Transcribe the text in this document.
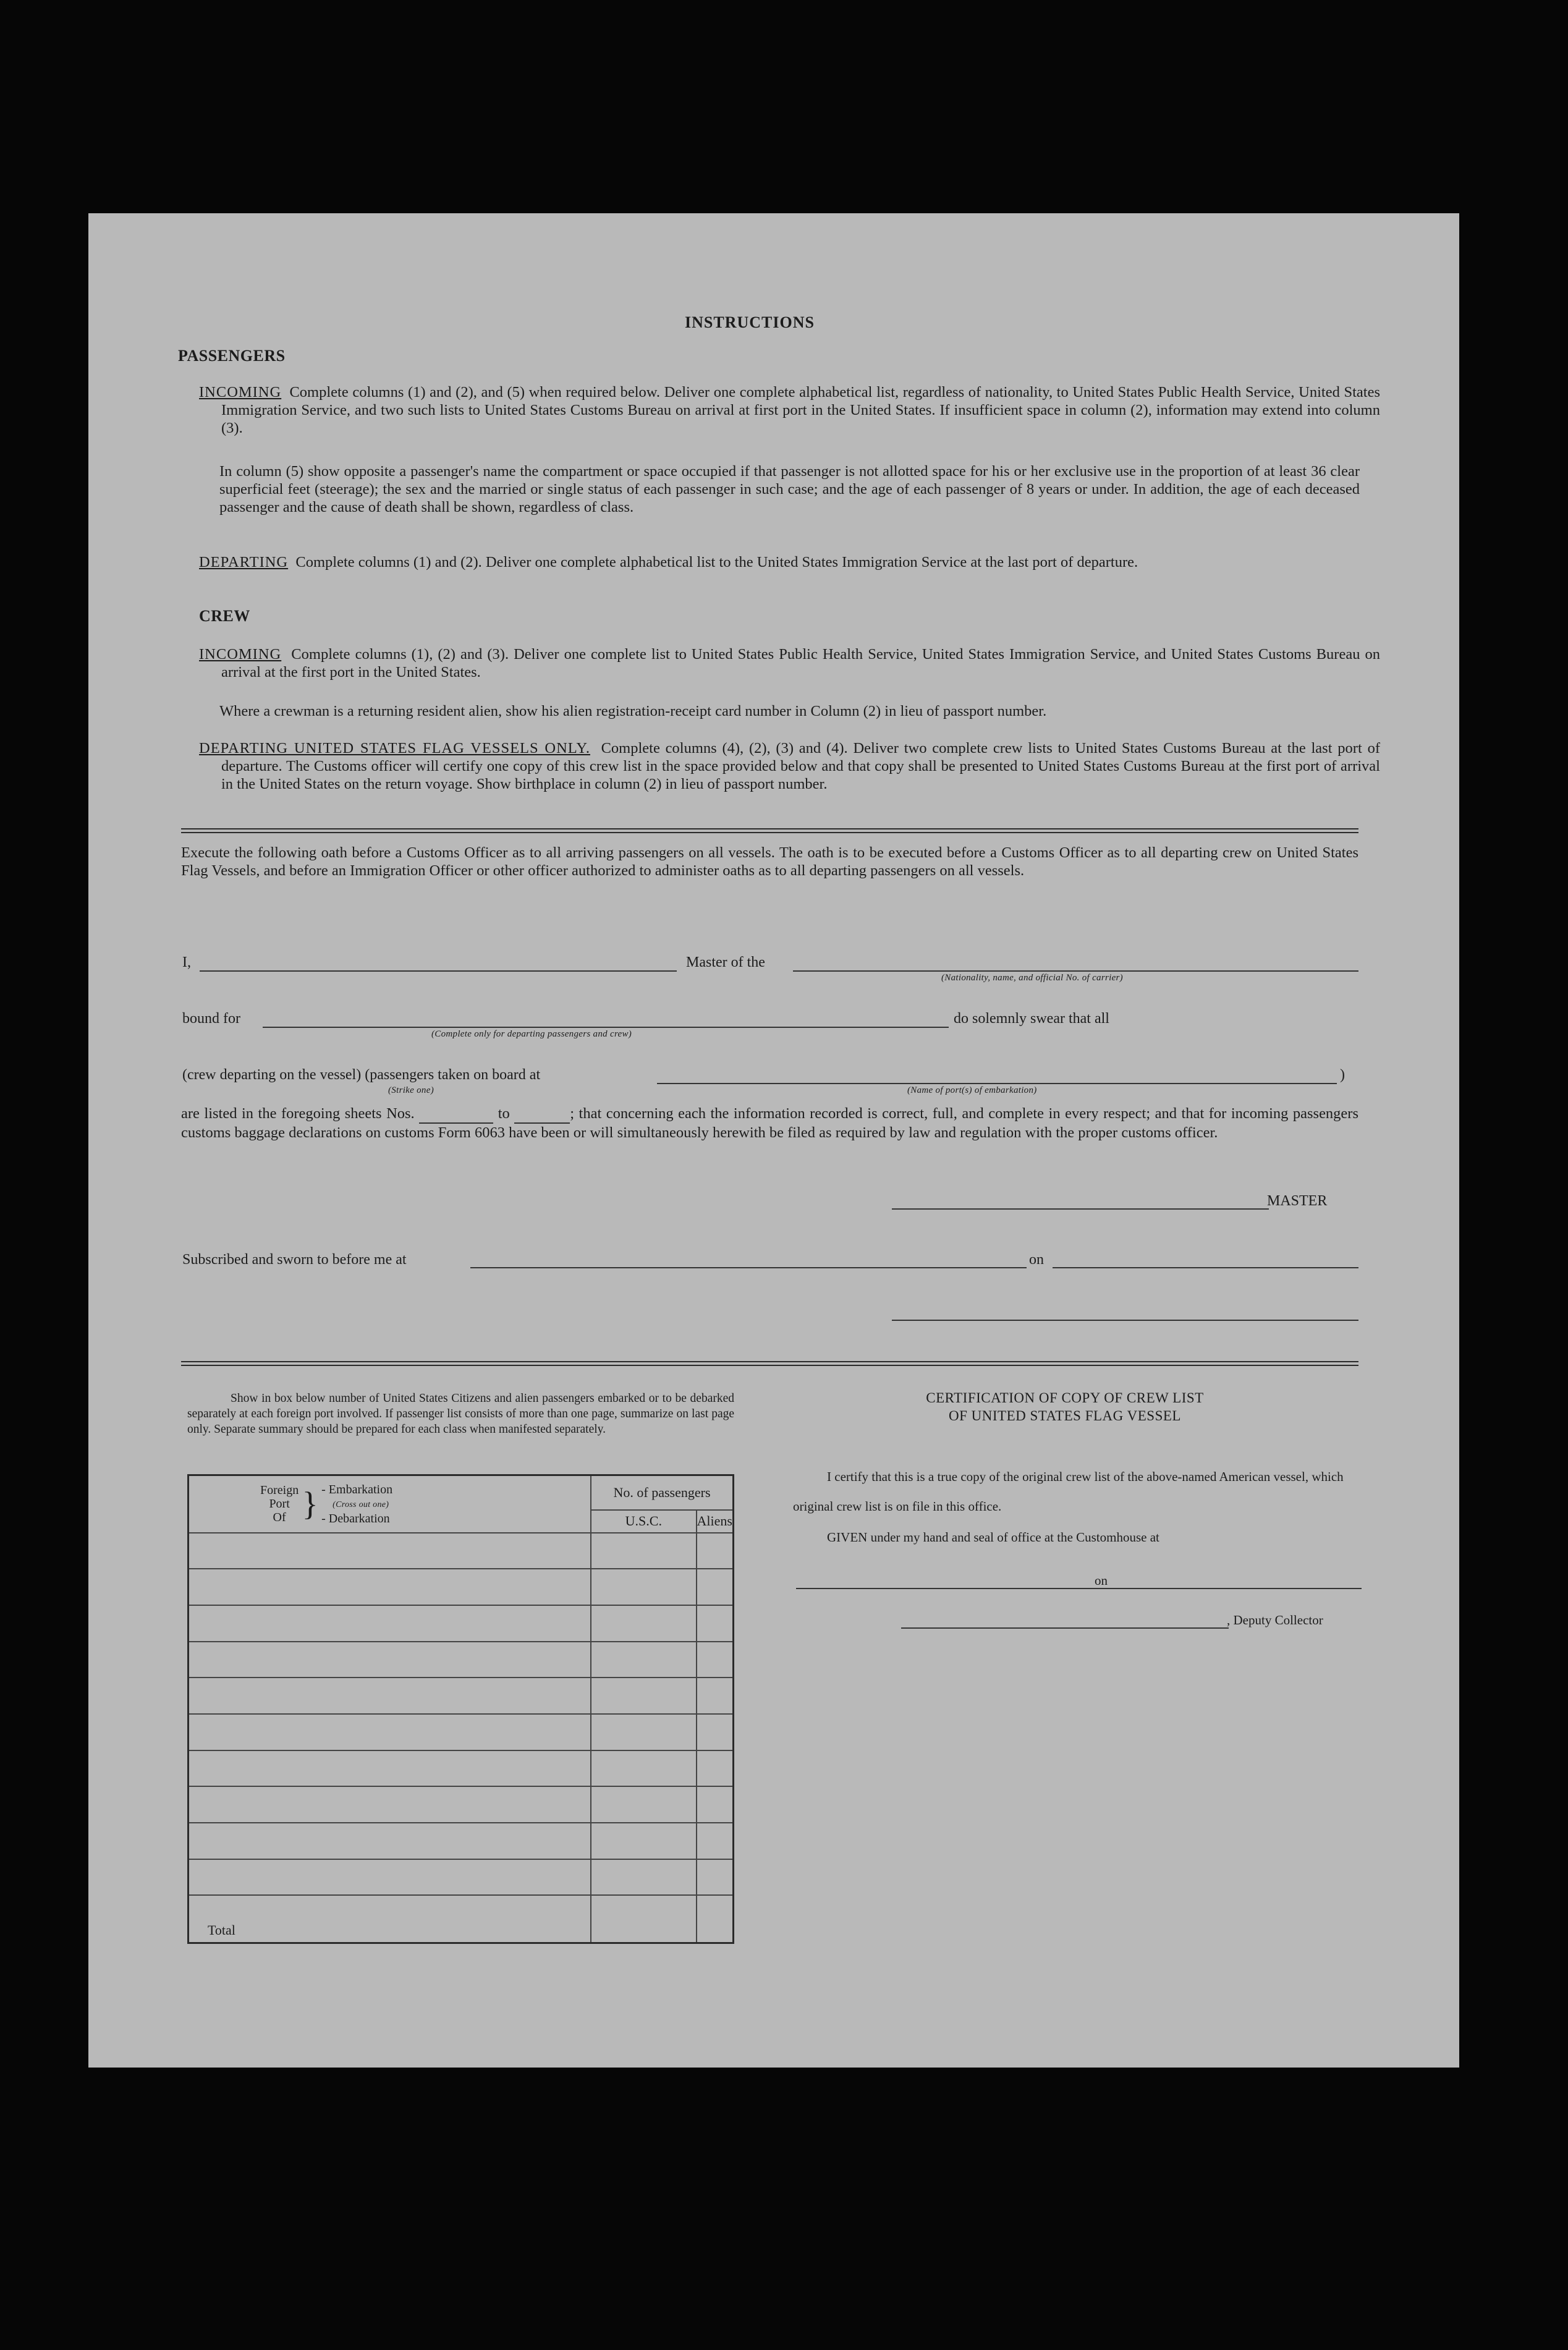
INSTRUCTIONS
PASSENGERS
INCOMING Complete columns (1) and (2), and (5) when required below. Deliver one complete alphabetical list, regardless of nationality, to United States Public Health Service, United States Immigration Service, and two such lists to United States Customs Bureau on arrival at first port in the United States. If insufficient space in column (2), information may extend into column (3).
In column (5) show opposite a passenger's name the compartment or space occupied if that passenger is not allotted space for his or her exclusive use in the proportion of at least 36 clear superficial feet (steerage); the sex and the married or single status of each passenger in such case; and the age of each passenger of 8 years or under. In addition, the age of each deceased passenger and the cause of death shall be shown, regardless of class.
DEPARTING Complete columns (1) and (2). Deliver one complete alphabetical list to the United States Immigration Service at the last port of departure.
CREW
INCOMING Complete columns (1), (2) and (3). Deliver one complete list to United States Public Health Service, United States Immigration Service, and United States Customs Bureau on arrival at the first port in the United States.
Where a crewman is a returning resident alien, show his alien registration-receipt card number in Column (2) in lieu of passport number.
DEPARTING UNITED STATES FLAG VESSELS ONLY. Complete columns (4), (2), (3) and (4). Deliver two complete crew lists to United States Customs Bureau at the last port of departure. The Customs officer will certify one copy of this crew list in the space provided below and that copy shall be presented to United States Customs Bureau at the first port of arrival in the United States on the return voyage. Show birthplace in column (2) in lieu of passport number.
Execute the following oath before a Customs Officer as to all arriving passengers on all vessels. The oath is to be executed before a Customs Officer as to all departing crew on United States Flag Vessels, and before an Immigration Officer or other officer authorized to administer oaths as to all departing passengers on all vessels.
I,	Master of the
(Nationality, name, and official No. of carrier)
bound for
(Complete only for departing passengers and crew)
do solemnly swear that all
(crew departing on the vessel) (passengers taken on board at	)
(Strike one)	(Name of port(s) of embarkation)
are listed in the foregoing sheets Nos.	to	; that concerning each the information recorded is correct, full, and complete in every respect; and that for incoming passengers customs baggage declarations on customs Form 6063 have been or will simultaneously herewith be filed as required by law and regulation with the proper customs officer.
MASTER
Subscribed and sworn to before me at	on
Show in box below number of United States Citizens and alien passengers embarked or to be debarked separately at each foreign port involved. If passenger list consists of more than one page, summarize on last page only. Separate summary should be prepared for each class when manifested separately.
Foreign
Port
Of } - Embarkation
(Cross out one)
- Debarkation	No. of passengers	
	U.S.C.	Aliens

Total		
CERTIFICATION OF COPY OF CREW LIST
OF UNITED STATES FLAG VESSEL
I certify that this is a true copy of the original crew list of the above-named American vessel, which original crew list is on file in this office.
GIVEN under my hand and seal of office at the Customhouse at
on
, Deputy Collector
